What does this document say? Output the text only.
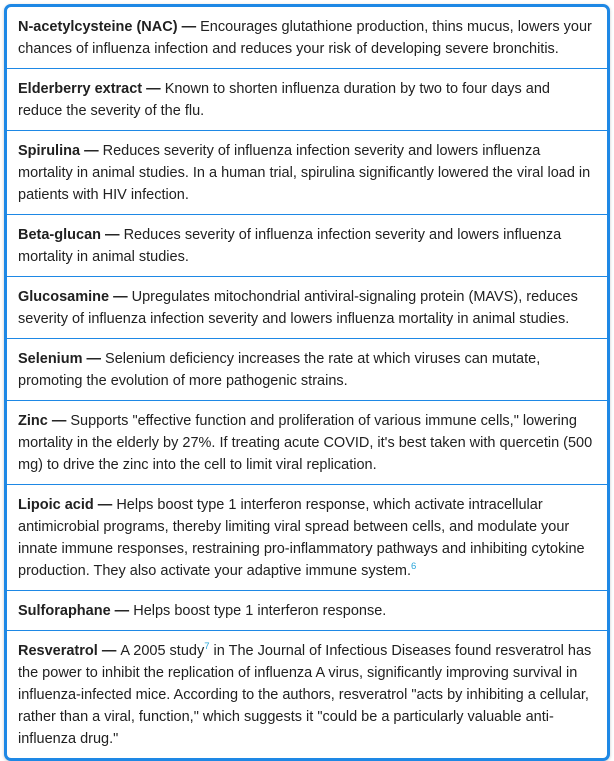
N-acetylcysteine (NAC) — Encourages glutathione production, thins mucus, lowers your chances of influenza infection and reduces your risk of developing severe bronchitis.
Elderberry extract — Known to shorten influenza duration by two to four days and reduce the severity of the flu.
Spirulina — Reduces severity of influenza infection severity and lowers influenza mortality in animal studies. In a human trial, spirulina significantly lowered the viral load in patients with HIV infection.
Beta-glucan — Reduces severity of influenza infection severity and lowers influenza mortality in animal studies.
Glucosamine — Upregulates mitochondrial antiviral-signaling protein (MAVS), reduces severity of influenza infection severity and lowers influenza mortality in animal studies.
Selenium — Selenium deficiency increases the rate at which viruses can mutate, promoting the evolution of more pathogenic strains.
Zinc — Supports "effective function and proliferation of various immune cells," lowering mortality in the elderly by 27%. If treating acute COVID, it's best taken with quercetin (500 mg) to drive the zinc into the cell to limit viral replication.
Lipoic acid — Helps boost type 1 interferon response, which activate intracellular antimicrobial programs, thereby limiting viral spread between cells, and modulate your innate immune responses, restraining pro-inflammatory pathways and inhibiting cytokine production. They also activate your adaptive immune system.$^6$
Sulforaphane — Helps boost type 1 interferon response.
Resveratrol — A 2005 study$^7$ in The Journal of Infectious Diseases found resveratrol has the power to inhibit the replication of influenza A virus, significantly improving survival in influenza-infected mice. According to the authors, resveratrol "acts by inhibiting a cellular, rather than a viral, function," which suggests it "could be a particularly valuable anti-influenza drug."
